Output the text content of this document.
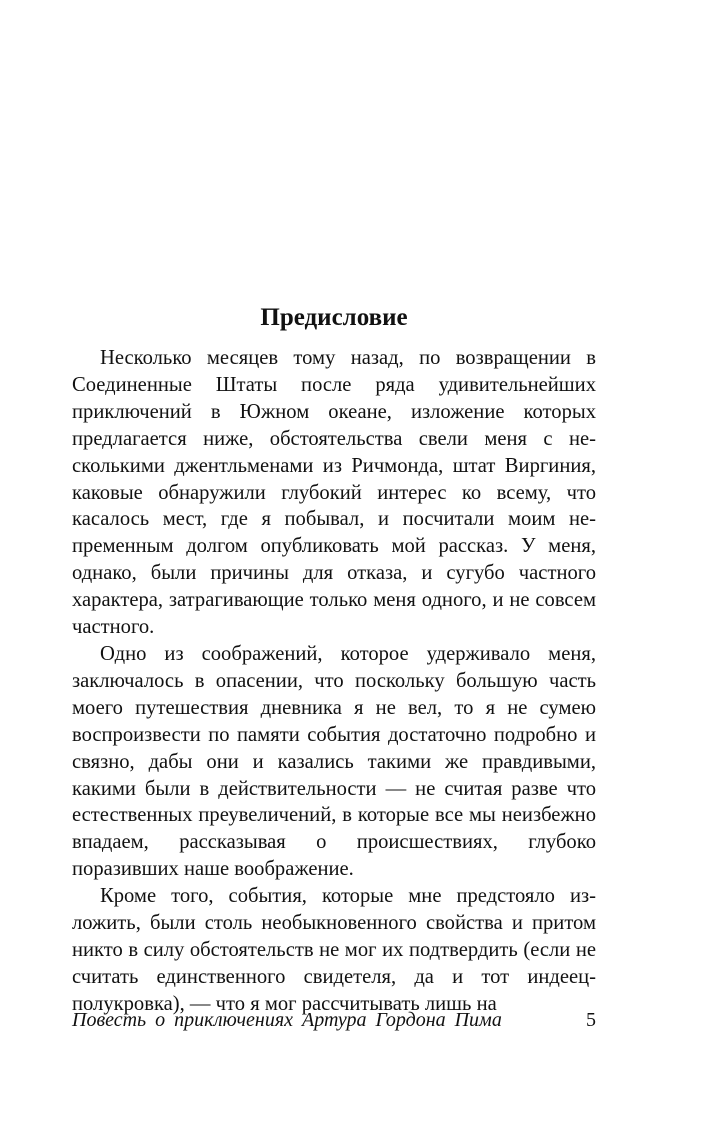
Предисловие

Несколько месяцев тому назад, по возвращении в Соединенные Штаты после ряда удивительнейших приключений в Южном океане, изложение которых предлагается ниже, обстоятельства свели меня с несколькими джентльменами из Ричмонда, штат Виргиния, каковые обнаружили глубокий интерес ко всему, что касалось мест, где я побывал, и посчитали моим непременным долгом опубликовать мой рассказ. У меня, однако, были причины для отказа, и сугубо частного характера, затрагивающие только меня одного, и не совсем частного.

Одно из соображений, которое удерживало меня, заключалось в опасении, что поскольку большую часть моего путешествия дневника я не вел, то я не сумею воспроизвести по памяти события достаточно подробно и связно, дабы они и казались такими же правдивыми, какими были в действительности — не считая разве что естественных преувеличений, в которые все мы неизбежно впадаем, рассказывая о происшествиях, глубоко поразивших наше воображение.

Кроме того, события, которые мне предстояло изложить, были столь необыкновенного свойства и притом никто в силу обстоятельств не мог их подтвердить (если не считать единственного свидетеля, да и тот индеец-полукровка), — что я мог рассчитывать лишь на

Повесть о приключениях Артура Гордона Пима	5
